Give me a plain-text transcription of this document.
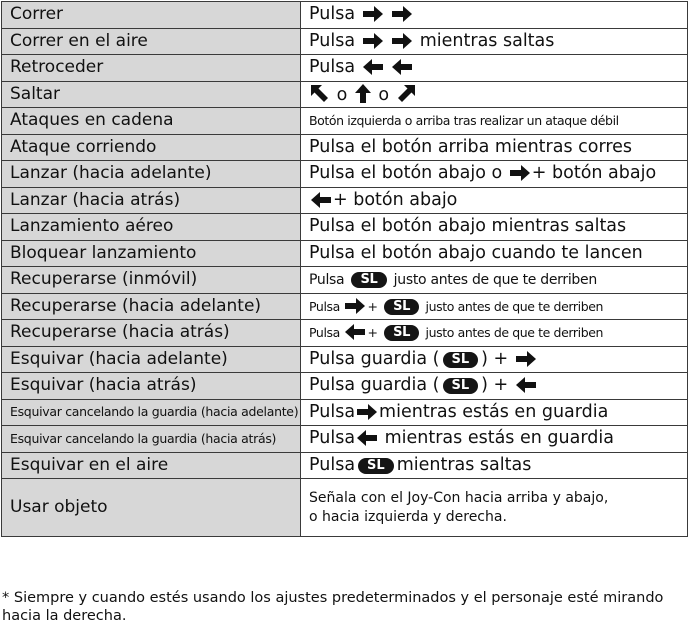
Correr	Pulsa

Correr en el aire	Pulsa
mientras saltas
Retroceder	Pulsa

Saltar	o
o

Ataques en cadena	Botón izquierda o arriba tras realizar un ataque débil
Ataque corriendo	Pulsa el botón arriba mientras corres
Lanzar (hacia adelante)	Pulsa el botón abajo o
+ botón abajo
Lanzar (hacia atrás)	+ botón abajo
Lanzamiento aéreo	Pulsa el botón abajo mientras saltas
Bloquear lanzamiento	Pulsa el botón abajo cuando te lancen
Recuperarse (inmóvil)	Pulsa SL justo antes de que te derriben
Recuperarse (hacia adelante)	Pulsa
+ SL justo antes de que te derriben
Recuperarse (hacia atrás)	Pulsa
+ SL justo antes de que te derriben
Esquivar (hacia adelante)	Pulsa guardia ( SL ) +

Esquivar (hacia atrás)	Pulsa guardia ( SL ) +

Esquivar cancelando la guardia (hacia adelante)	Pulsa mientras estás en guardia
Esquivar cancelando la guardia (hacia atrás)	Pulsa
mientras estás en guardia
Esquivar en el aire	Pulsa SL mientras saltas
Usar objeto	Señala con el Joy-Con hacia arriba y abajo,
o hacia izquierda y derecha.
* Siempre y cuando estés usando los ajustes predeterminados y el personaje esté mirando hacia la derecha.
